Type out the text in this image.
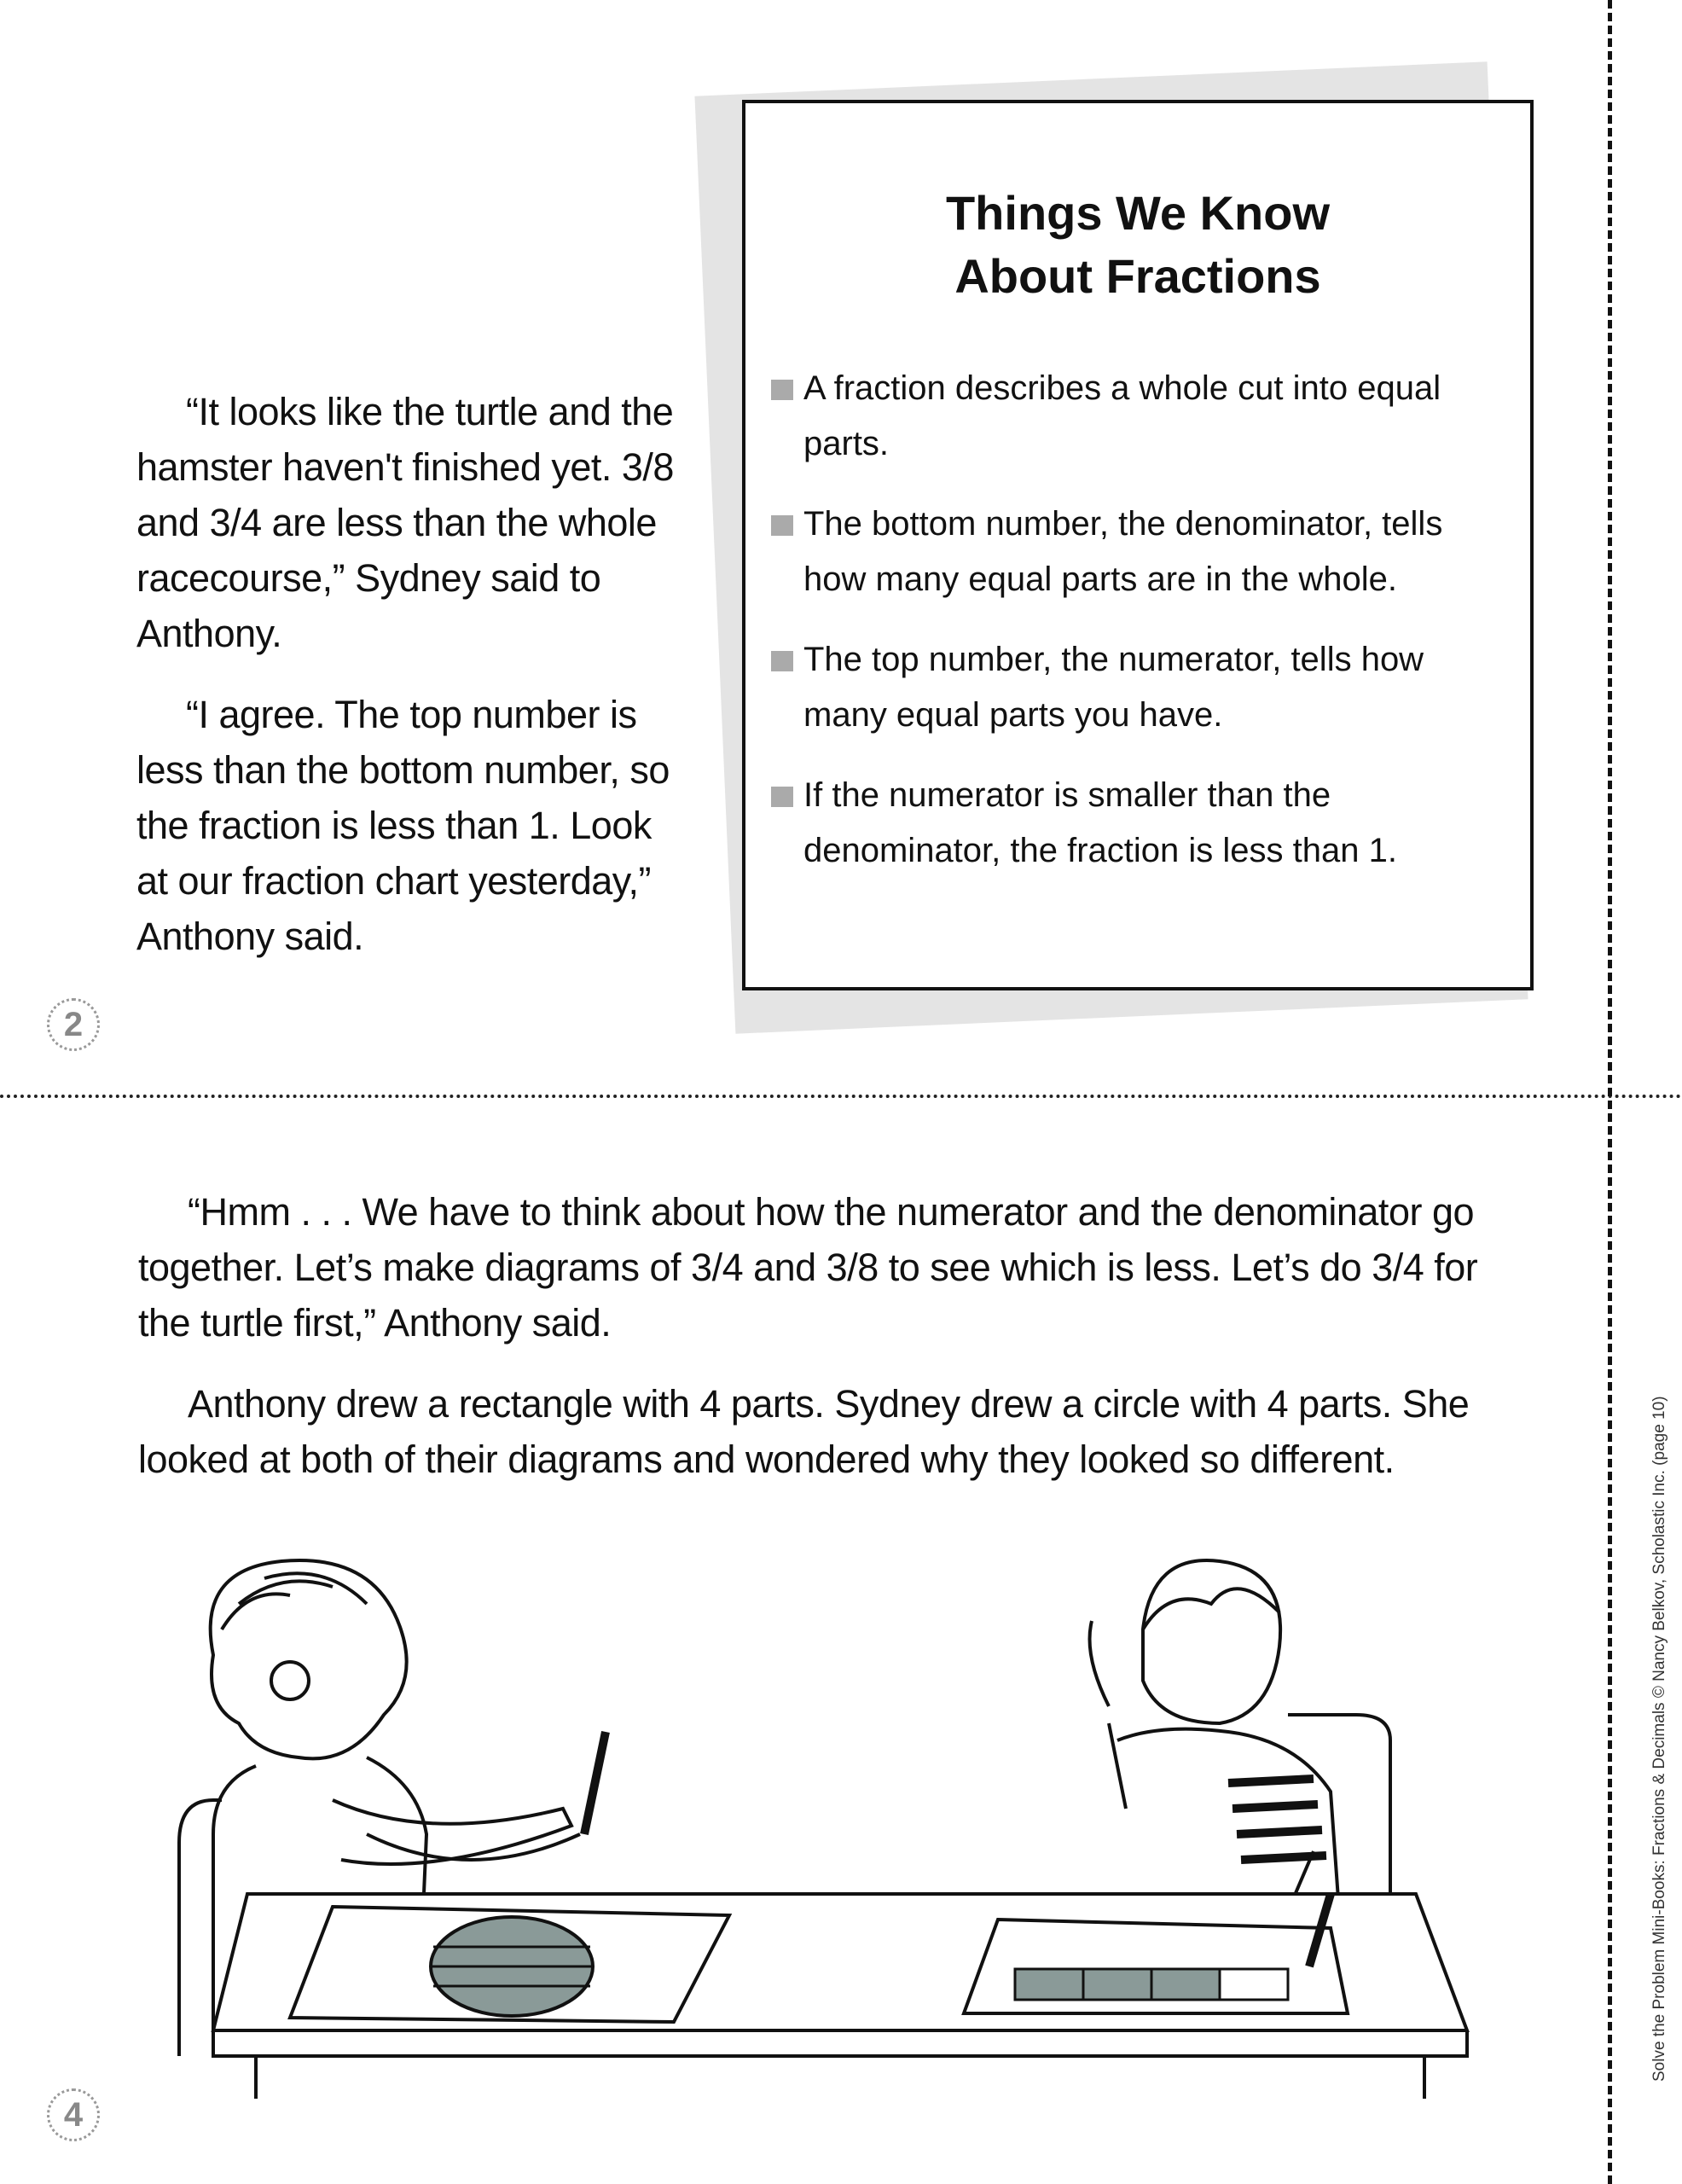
“It looks like the turtle and the hamster haven't finished yet. 3/8 and 3/4 are less than the whole racecourse,” Sydney said to Anthony.

“I agree. The top number is less than the bottom number, so the fraction is less than 1. Look at our fraction chart yesterday,” Anthony said.

Things We Know
About Fractions
A fraction describes a whole cut into equal parts.
The bottom number, the denominator, tells how many equal parts are in the whole.
The top number, the numerator, tells how many equal parts you have.
If the numerator is smaller than the denominator, the fraction is less than 1.
2

“Hmm . . . We have to think about how the numerator and the denominator go together. Let’s make diagrams of 3/4 and 3/8 to see which is less. Let’s do 3/4 for the turtle first,” Anthony said.

Anthony drew a rectangle with 4 parts. Sydney drew a circle with 4 parts. She looked at both of their diagrams and wondered why they looked so different.

4
Solve the Problem Mini-Books: Fractions & Decimals © Nancy Belkov, Scholastic Inc. (page 10)
